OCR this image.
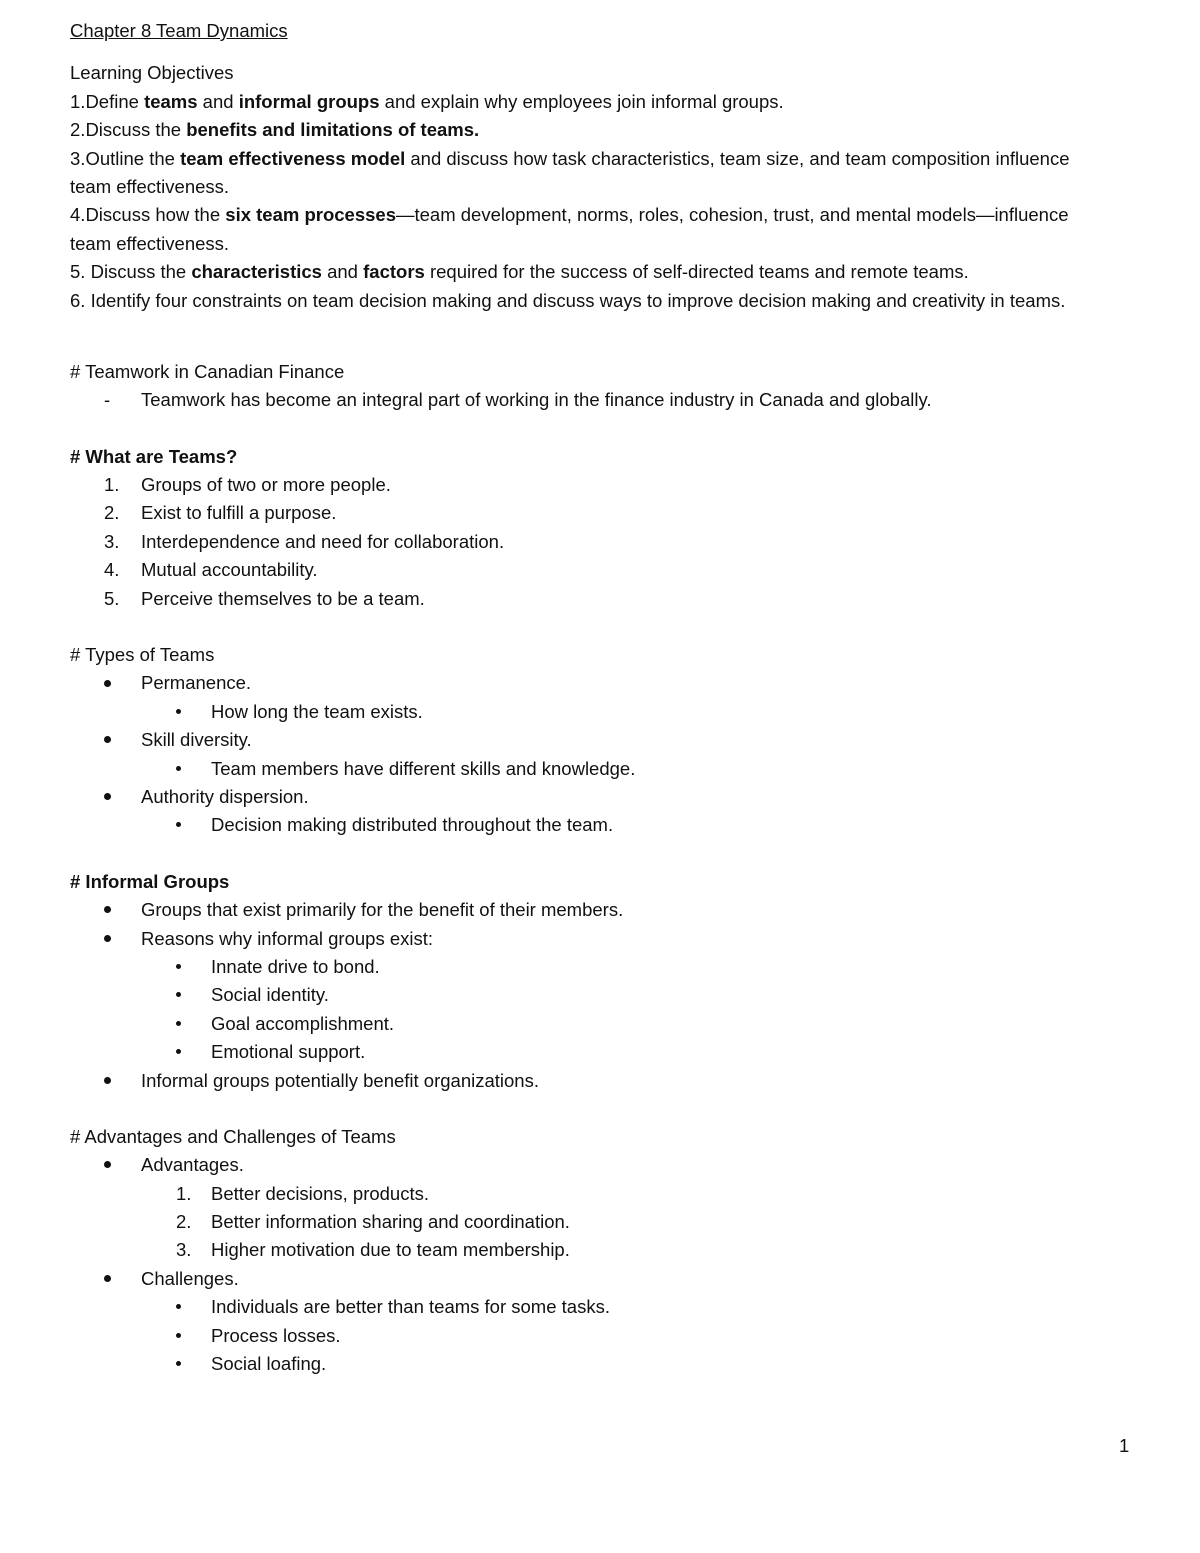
Chapter 8 Team Dynamics
Learning Objectives
1.Define teams and informal groups and explain why employees join informal groups.
2.Discuss the benefits and limitations of teams.
3.Outline the team effectiveness model and discuss how task characteristics, team size, and team composition influence
team effectiveness.
4.Discuss how the six team processes—team development, norms, roles, cohesion, trust, and mental models—influence
team effectiveness.
5. Discuss the characteristics and factors required for the success of self-directed teams and remote teams.
6. Identify four constraints on team decision making and discuss ways to improve decision making and creativity in teams.
# Teamwork in Canadian Finance
- Teamwork has become an integral part of working in the finance industry in Canada and globally.
# What are Teams?
1. Groups of two or more people.
2. Exist to fulfill a purpose.
3. Interdependence and need for collaboration.
4. Mutual accountability.
5. Perceive themselves to be a team.
# Types of Teams
Permanence.
How long the team exists.
Skill diversity.
Team members have different skills and knowledge.
Authority dispersion.
Decision making distributed throughout the team.
# Informal Groups
Groups that exist primarily for the benefit of their members.
Reasons why informal groups exist:
Innate drive to bond.
Social identity.
Goal accomplishment.
Emotional support.
Informal groups potentially benefit organizations.
# Advantages and Challenges of Teams
Advantages.
1. Better decisions, products.
2. Better information sharing and coordination.
3. Higher motivation due to team membership.
Challenges.
Individuals are better than teams for some tasks.
Process losses.
Social loafing.
1
